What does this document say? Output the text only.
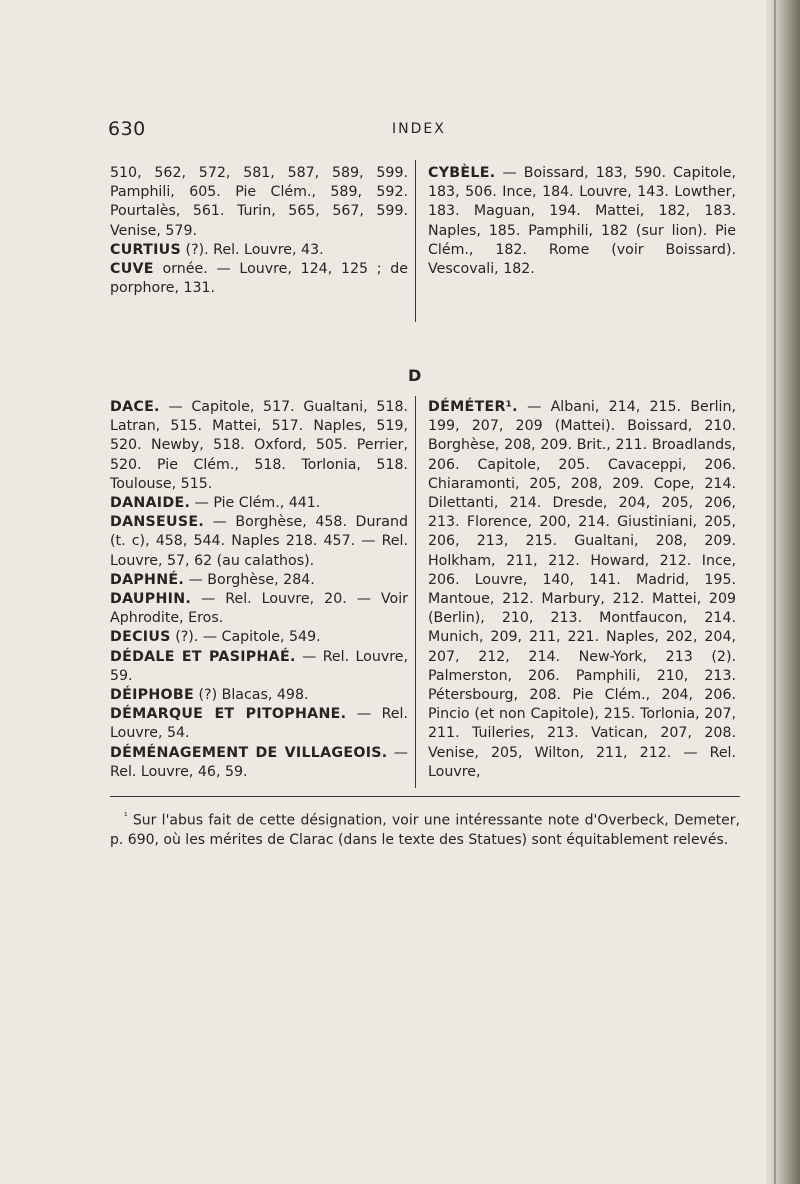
630	INDEX

510, 562, 572, 581, 587, 589, 599. Pamphili, 605. Pie Clém., 589, 592. Pourtalès, 561. Turin, 565, 567, 599. Venise, 579.

CURTIUS (?). Rel. Louvre, 43.

CUVE ornée. — Louvre, 124, 125 ; de porphore, 131.

CYBÈLE. — Boissard, 183, 590. Capitole, 183, 506. Ince, 184. Louvre, 143. Lowther, 183. Maguan, 194. Mattei, 182, 183. Naples, 185. Pamphili, 182 (sur lion). Pie Clém., 182. Rome (voir Boissard). Vescovali, 182.

D

DACE. — Capitole, 517. Gualtani, 518. Latran, 515. Mattei, 517. Naples, 519, 520. Newby, 518. Oxford, 505. Perrier, 520. Pie Clém., 518. Torlonia, 518. Toulouse, 515.

DANAIDE. — Pie Clém., 441.

DANSEUSE. — Borghèse, 458. Durand (t. c), 458, 544. Naples 218. 457. — Rel. Louvre, 57, 62 (au calathos).

DAPHNÉ. — Borghèse, 284.

DAUPHIN. — Rel. Louvre, 20. — Voir Aphrodite, Eros.

DECIUS (?). — Capitole, 549.

DÉDALE ET PASIPHAÉ. — Rel. Louvre, 59.

DÉIPHOBE (?) Blacas, 498.

DÉMARQUE ET PITOPHANE. — Rel. Louvre, 54.

DÉMÉNAGEMENT DE VILLAGEOIS. — Rel. Louvre, 46, 59.

DÉMÉTER¹. — Albani, 214, 215. Berlin, 199, 207, 209 (Mattei). Boissard, 210. Borghèse, 208, 209. Brit., 211. Broadlands, 206. Capitole, 205. Cavaceppi, 206. Chiaramonti, 205, 208, 209. Cope, 214. Dilettanti, 214. Dresde, 204, 205, 206, 213. Florence, 200, 214. Giustiniani, 205, 206, 213, 215. Gualtani, 208, 209. Holkham, 211, 212. Howard, 212. Ince, 206. Louvre, 140, 141. Madrid, 195. Mantoue, 212. Marbury, 212. Mattei, 209 (Berlin), 210, 213. Montfaucon, 214. Munich, 209, 211, 221. Naples, 202, 204, 207, 212, 214. New-York, 213 (2). Palmerston, 206. Pamphili, 210, 213. Pétersbourg, 208. Pie Clém., 204, 206. Pincio (et non Capitole), 215. Torlonia, 207, 211. Tuileries, 213. Vatican, 207, 208. Venise, 205, Wilton, 211, 212. — Rel. Louvre,

$^{^1}$ Sur l'abus fait de cette désignation, voir une intéressante note d'Overbeck, Demeter, p. 690, où les mérites de Clarac (dans le texte des Statues) sont équitablement relevés.
